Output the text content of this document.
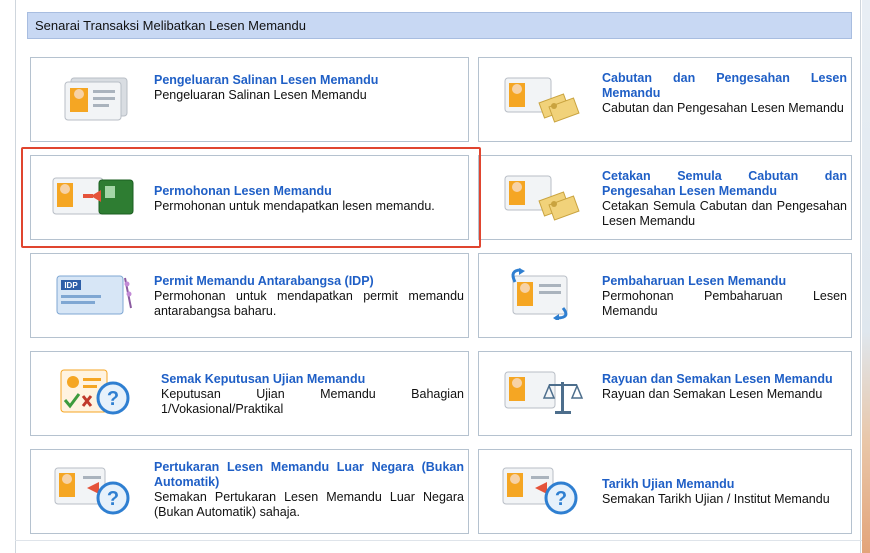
Senarai Transaksi Melibatkan Lesen Memandu
Pengeluaran Salinan Lesen Memandu
Pengeluaran Salinan Lesen Memandu
Cabutan dan Pengesahan Lesen Memandu
Cabutan dan Pengesahan Lesen Memandu
Permohonan Lesen Memandu
Permohonan untuk mendapatkan lesen memandu.
Cetakan Semula Cabutan dan Pengesahan Lesen Memandu
Cetakan Semula Cabutan dan Pengesahan Lesen Memandu
IDP	Permit Memandu Antarabangsa (IDP)
Permohonan untuk mendapatkan permit memandu antarabangsa baharu.
Pembaharuan Lesen Memandu
Permohonan Pembaharuan Lesen Memandu
?
Semak Keputusan Ujian Memandu
Keputusan Ujian Memandu Bahagian 1/Vokasional/Praktikal
Rayuan dan Semakan Lesen Memandu
Rayuan dan Semakan Lesen Memandu
?
Pertukaran Lesen Memandu Luar Negara (Bukan Automatik)
Semakan Pertukaran Lesen Memandu Luar Negara (Bukan Automatik) sahaja.
?
Tarikh Ujian Memandu
Semakan Tarikh Ujian / Institut Memandu
